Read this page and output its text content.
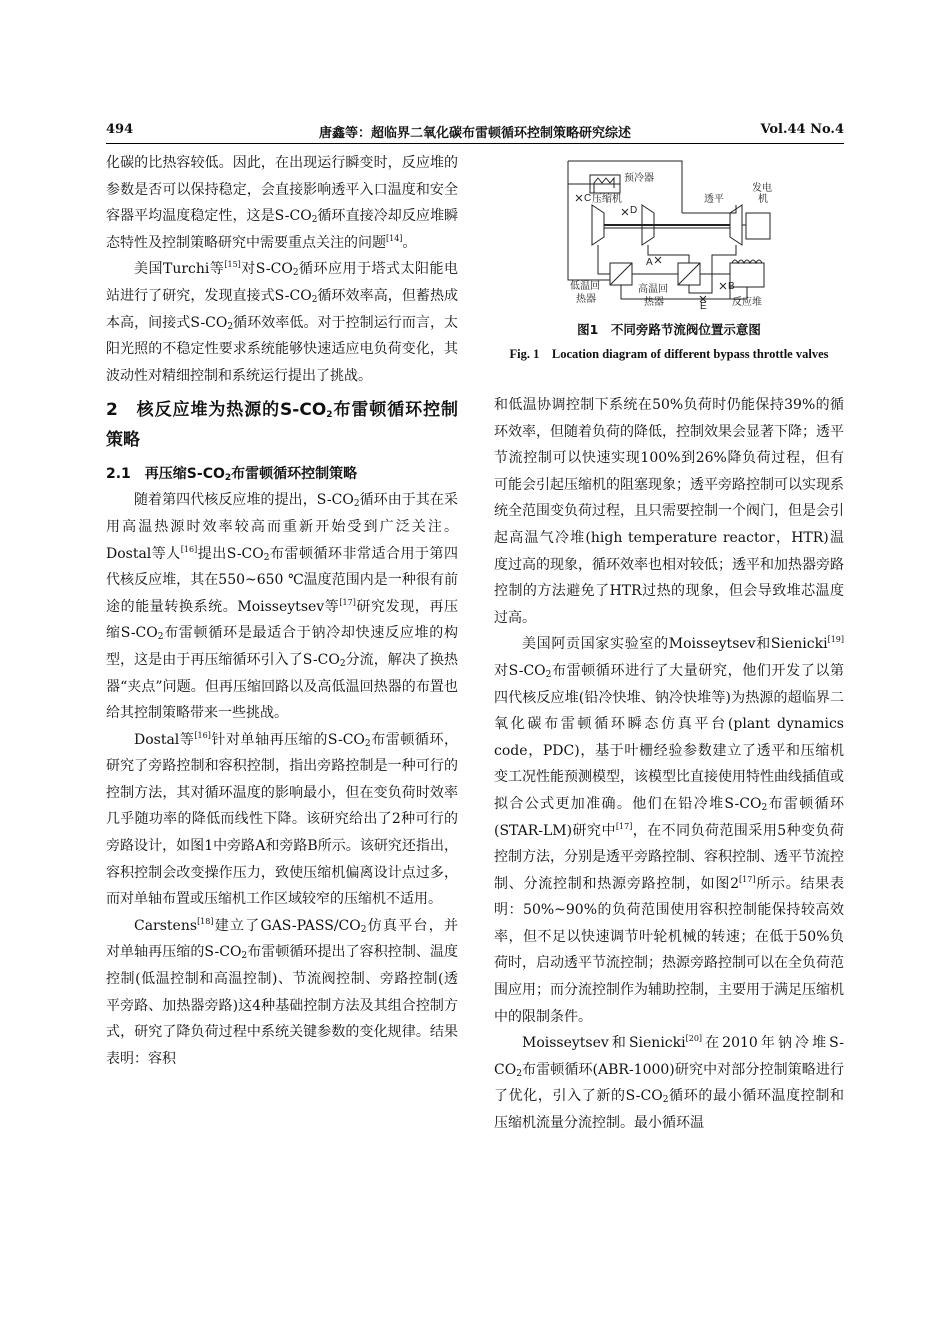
494	唐鑫等：超临界二氧化碳布雷顿循环控制策略研究综述	Vol.44 No.4

化碳的比热容较低。因此，在出现运行瞬变时，反应堆的参数是否可以保持稳定，会直接影响透平入口温度和安全容器平均温度稳定性，这是$S-CO_2$循环直接冷却反应堆瞬态特性及控制策略研究中需要重点关注的问题[14]。

美国Turchi等[15]对$S-CO_2$循环应用于塔式太阳能电站进行了研究，发现直接式$S-CO_2$循环效率高，但蓄热成本高，间接式$S-CO_2$循环效率低。对于控制运行而言，太阳光照的不稳定性要求系统能够快速适应电负荷变化，其波动性对精细控制和系统运行提出了挑战。

2　核反应堆为热源的$S-CO_2$布雷顿循环控制策略

2.1　再压缩$S-CO_2$布雷顿循环控制策略

随着第四代核反应堆的提出，$S-CO_2$循环由于其在采用高温热源时效率较高而重新开始受到广泛关注。Dostal等人[16]提出$S-CO_2$布雷顿循环非常适合用于第四代核反应堆，其在550~650 ℃温度范围内是一种很有前途的能量转换系统。Moisseytsev等[17]研究发现，再压缩$S-CO_2$布雷顿循环是最适合于钠冷却快速反应堆的构型，这是由于再压缩循环引入了$S-CO_2$分流，解决了换热器“夹点”问题。但再压缩回路以及高低温回热器的布置也给其控制策略带来一些挑战。

Dostal等[16]针对单轴再压缩的$S-CO_2$布雷顿循环，研究了旁路控制和容积控制，指出旁路控制是一种可行的控制方法，其对循环温度的影响最小，但在变负荷时效率几乎随功率的降低而线性下降。该研究给出了2种可行的旁路设计，如图1中旁路A和旁路B所示。该研究还指出，容积控制会改变操作压力，致使压缩机偏离设计点过多，而对单轴布置或压缩机工作区域较窄的压缩机不适用。

Carstens[18]建立了GAS-$PASS/CO_2$仿真平台，并对单轴再压缩的$S-CO_2$布雷顿循环提出了容积控制、温度控制(低温控制和高温控制)、节流阀控制、旁路控制(透平旁路、加热器旁路)这4种基础控制方法及其组合控制方式，研究了降负荷过程中系统关键参数的变化规律。结果表明：容积

预冷器
压缩机	透平
发电
机
低温回
热器
高温回
热器	反应堆
A
B
C
D
E
图1　不同旁路节流阀位置示意图
Fig. 1　Location diagram of different bypass throttle valves

和低温协调控制下系统在50%负荷时仍能保持39%的循环效率，但随着负荷的降低，控制效果会显著下降；透平节流控制可以快速实现100%到26%降负荷过程，但有可能会引起压缩机的阻塞现象；透平旁路控制可以实现系统全范围变负荷过程，且只需要控制一个阀门，但是会引起高温气冷堆(high temperature reactor，HTR)温度过高的现象，循环效率也相对较低；透平和加热器旁路控制的方法避免了HTR过热的现象，但会导致堆芯温度过高。

美国阿贡国家实验室的Moisseytsev和Sienicki[19]对$S-CO_2$布雷顿循环进行了大量研究，他们开发了以第四代核反应堆(铅冷快堆、钠冷快堆等)为热源的超临界二氧化碳布雷顿循环瞬态仿真平台(plant dynamics code，PDC)，基于叶栅经验参数建立了透平和压缩机变工况性能预测模型，该模型比直接使用特性曲线插值或拟合公式更加准确。他们在铅冷堆$S-CO_2$布雷顿循环(STAR-LM)研究中[17]，在不同负荷范围采用5种变负荷控制方法，分别是透平旁路控制、容积控制、透平节流控制、分流控制和热源旁路控制，如图2[17]所示。结果表明：50%~90%的负荷范围使用容积控制能保持较高效率，但不足以快速调节叶轮机械的转速；在低于50%负荷时，启动透平节流控制；热源旁路控制可以在全负荷范围应用；而分流控制作为辅助控制，主要用于满足压缩机中的限制条件。

Moisseytsev和Sienicki[20]在2010年钠冷堆$S-CO_2$布雷顿循环(ABR-1000)研究中对部分控制策略进行了优化，引入了新的$S-CO_2$循环的最小循环温度控制和压缩机流量分流控制。最小循环温
